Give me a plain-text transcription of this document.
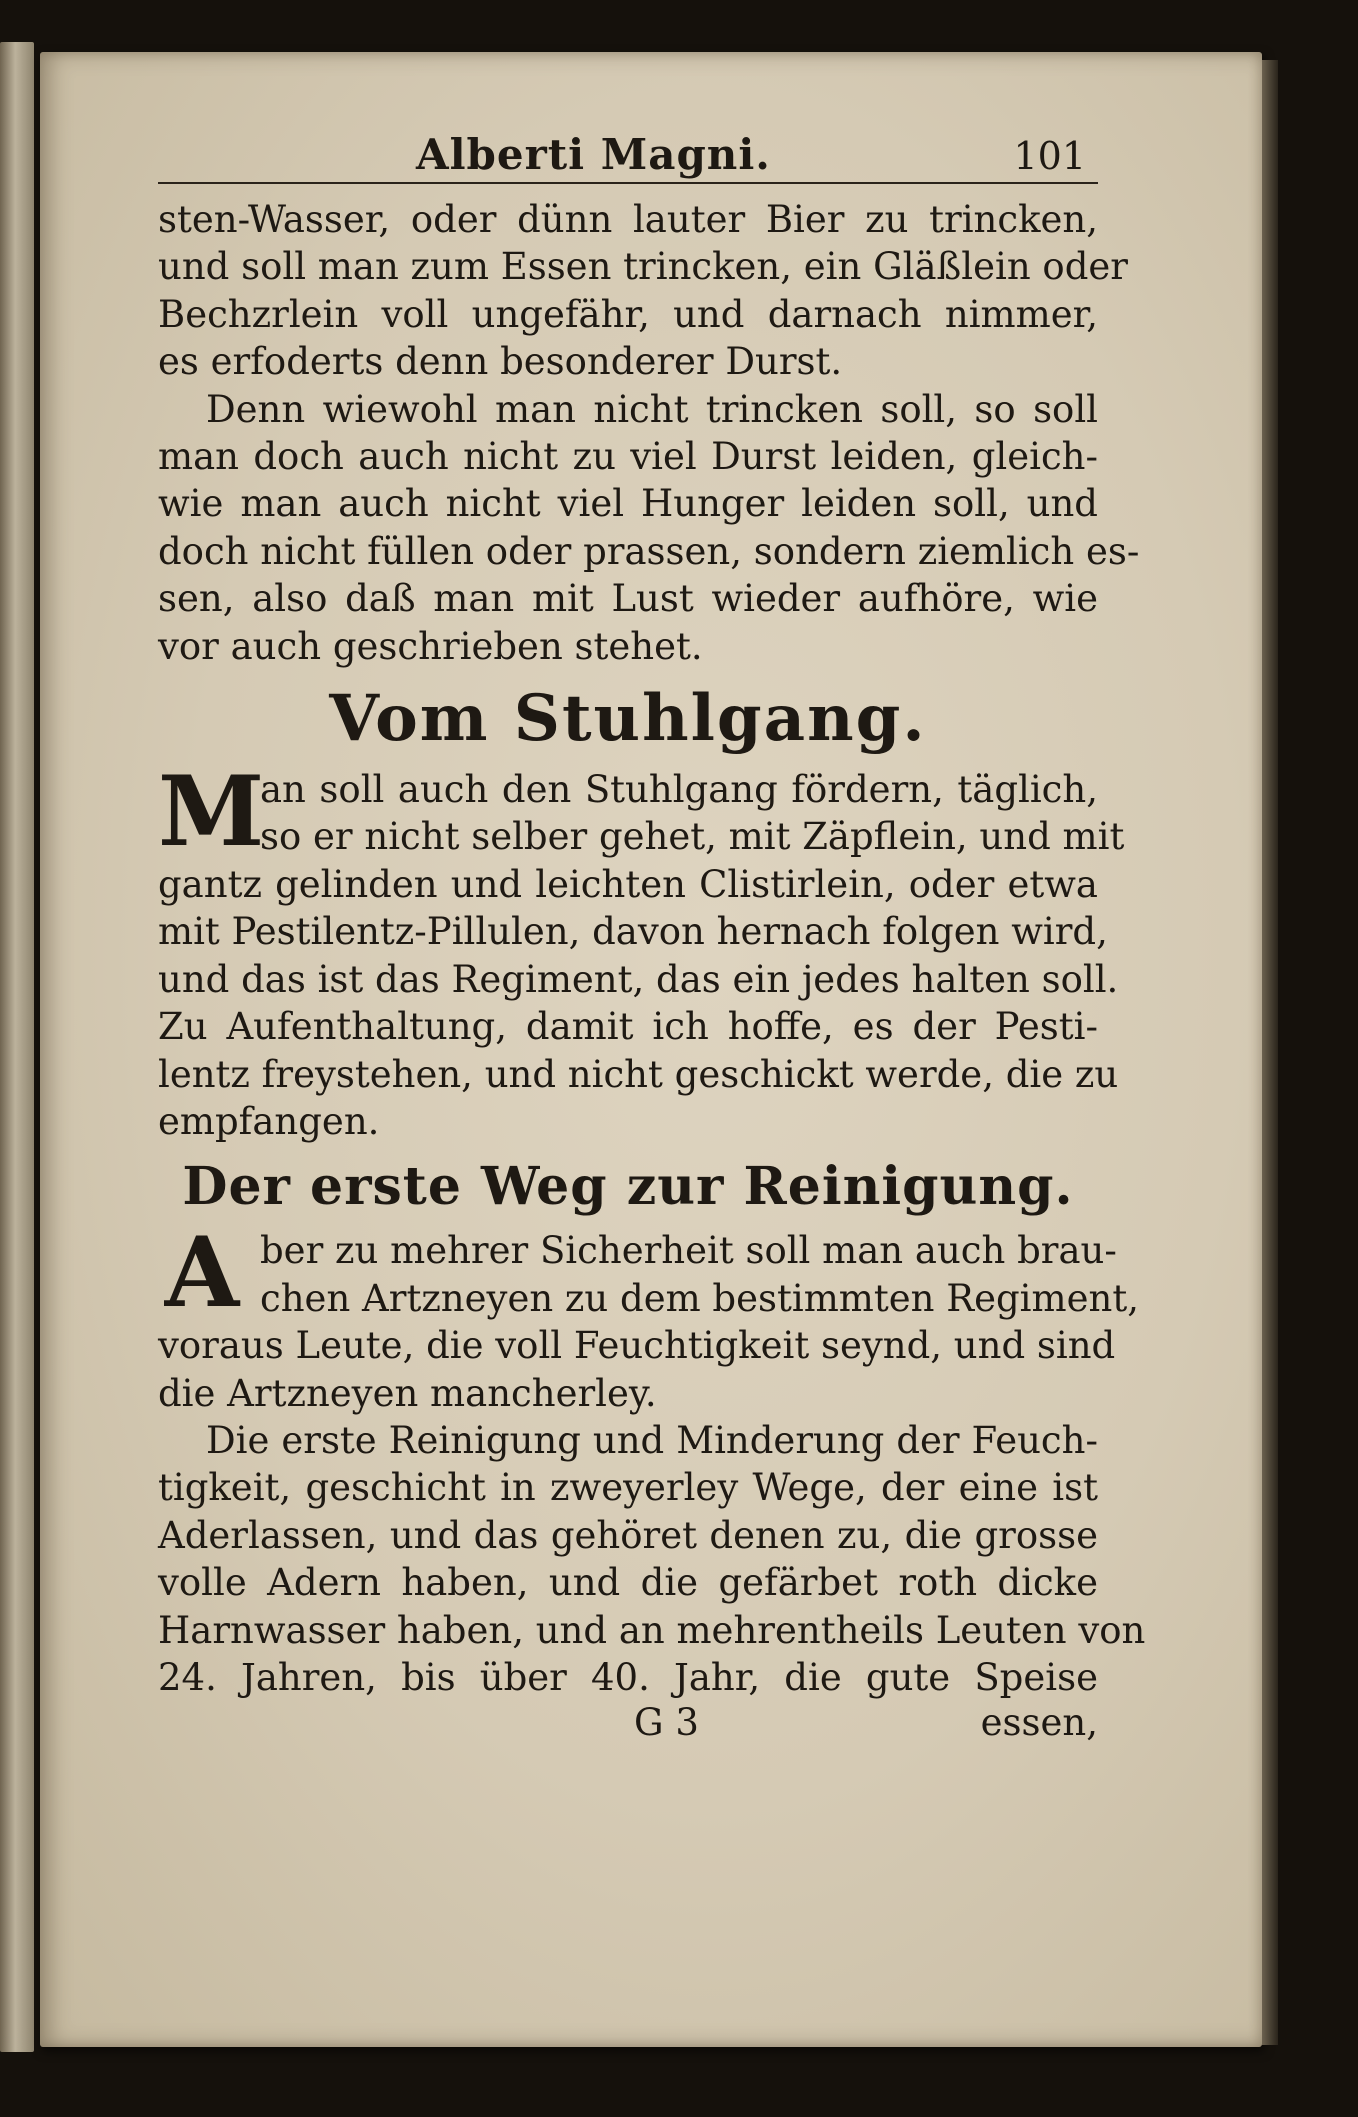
Alberti Magni.	101
sten-Wasser, oder dünn lauter Bier zu trincken,
und soll man zum Essen trincken, ein Gläßlein oder
Bechzrlein voll ungefähr, und darnach nimmer,
es erfoderts denn besonderer Durst.
Denn wiewohl man nicht trincken soll, so soll
man doch auch nicht zu viel Durst leiden, gleich-
wie man auch nicht viel Hunger leiden soll, und
doch nicht füllen oder prassen, sondern ziemlich es-
sen, also daß man mit Lust wieder aufhöre, wie
vor auch geschrieben stehet.
Vom Stuhlgang.
M
an soll auch den Stuhlgang fördern, täglich,
so er nicht selber gehet, mit Zäpflein, und mit
gantz gelinden und leichten Clistirlein, oder etwa
mit Pestilentz-Pillulen, davon hernach folgen wird,
und das ist das Regiment, das ein jedes halten soll.
Zu Aufenthaltung, damit ich hoffe, es der Pesti-
lentz freystehen, und nicht geschickt werde, die zu
empfangen.
Der erste Weg zur Reinigung.
A ber zu mehrer Sicherheit soll man auch brau-
chen Artzneyen zu dem bestimmten Regiment,
voraus Leute, die voll Feuchtigkeit seynd, und sind
die Artzneyen mancherley.
Die erste Reinigung und Minderung der Feuch-
tigkeit, geschicht in zweyerley Wege, der eine ist
Aderlassen, und das gehöret denen zu, die grosse
volle Adern haben, und die gefärbet roth dicke
Harnwasser haben, und an mehrentheils Leuten von
24. Jahren, bis über 40. Jahr, die gute Speise
G 3	essen,
